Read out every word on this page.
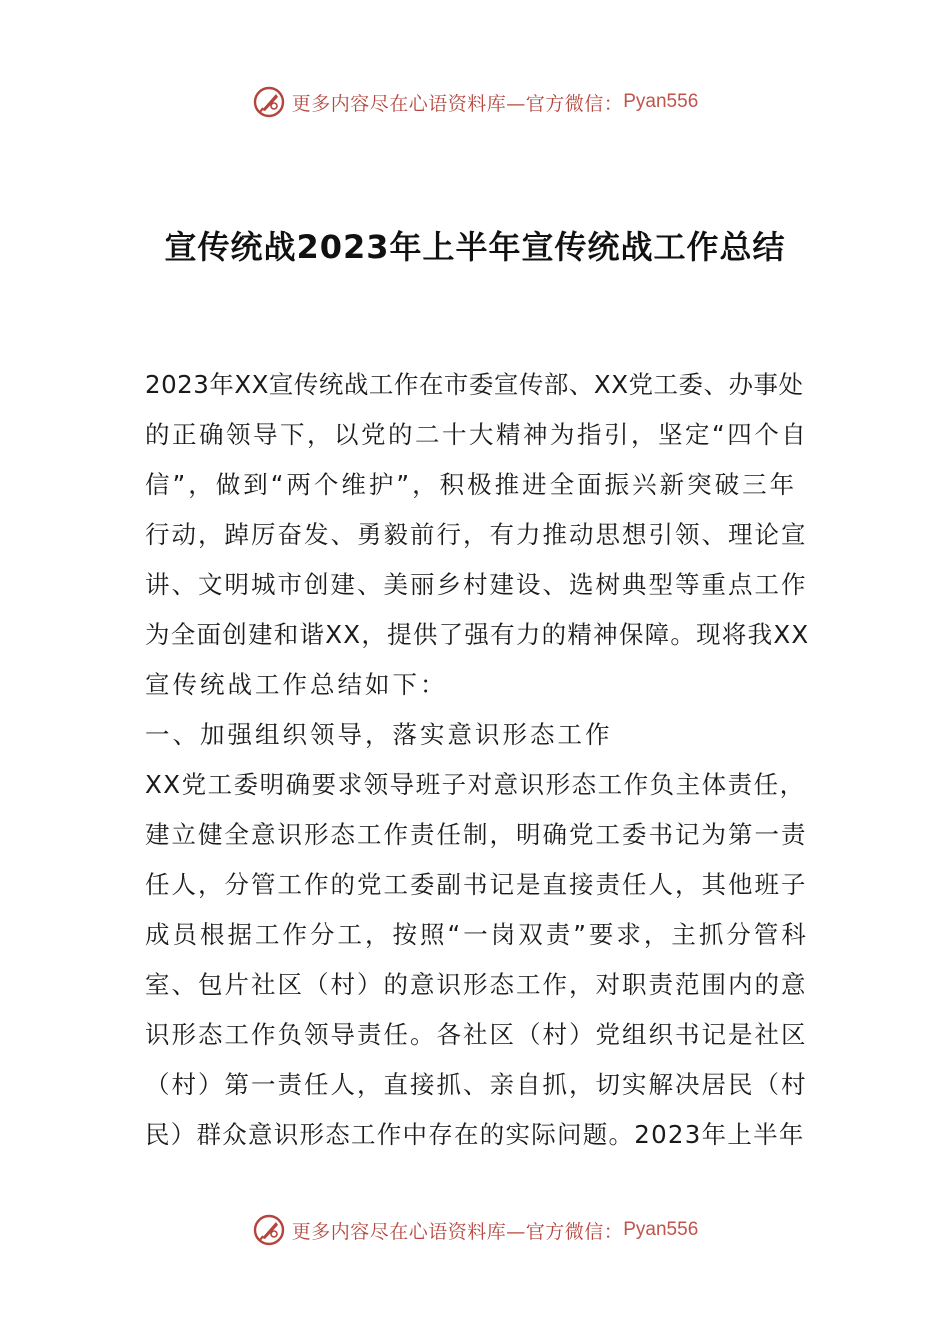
更多内容尽在心语资料库—官方微信： Pyan556
宣传统战2023年上半年宣传统战工作总结
2023年XX宣传统战工作在市委宣传部、XX党工委、办事处
的正确领导下，以党的二十大精神为指引，坚定“四个自
信”，做到“两个维护”，积极推进全面振兴新突破三年
行动，踔厉奋发、勇毅前行，有力推动思想引领、理论宣
讲、文明城市创建、美丽乡村建设、选树典型等重点工作
为全面创建和谐XX，提供了强有力的精神保障。现将我XX
宣传统战工作总结如下：
一、加强组织领导，落实意识形态工作
XX党工委明确要求领导班子对意识形态工作负主体责任，
建立健全意识形态工作责任制，明确党工委书记为第一责
任人，分管工作的党工委副书记是直接责任人，其他班子
成员根据工作分工，按照“一岗双责”要求，主抓分管科
室、包片社区（村）的意识形态工作，对职责范围内的意
识形态工作负领导责任。各社区（村）党组织书记是社区
（村）第一责任人，直接抓、亲自抓，切实解决居民（村
民）群众意识形态工作中存在的实际问题。2023年上半年
更多内容尽在心语资料库—官方微信： Pyan556
